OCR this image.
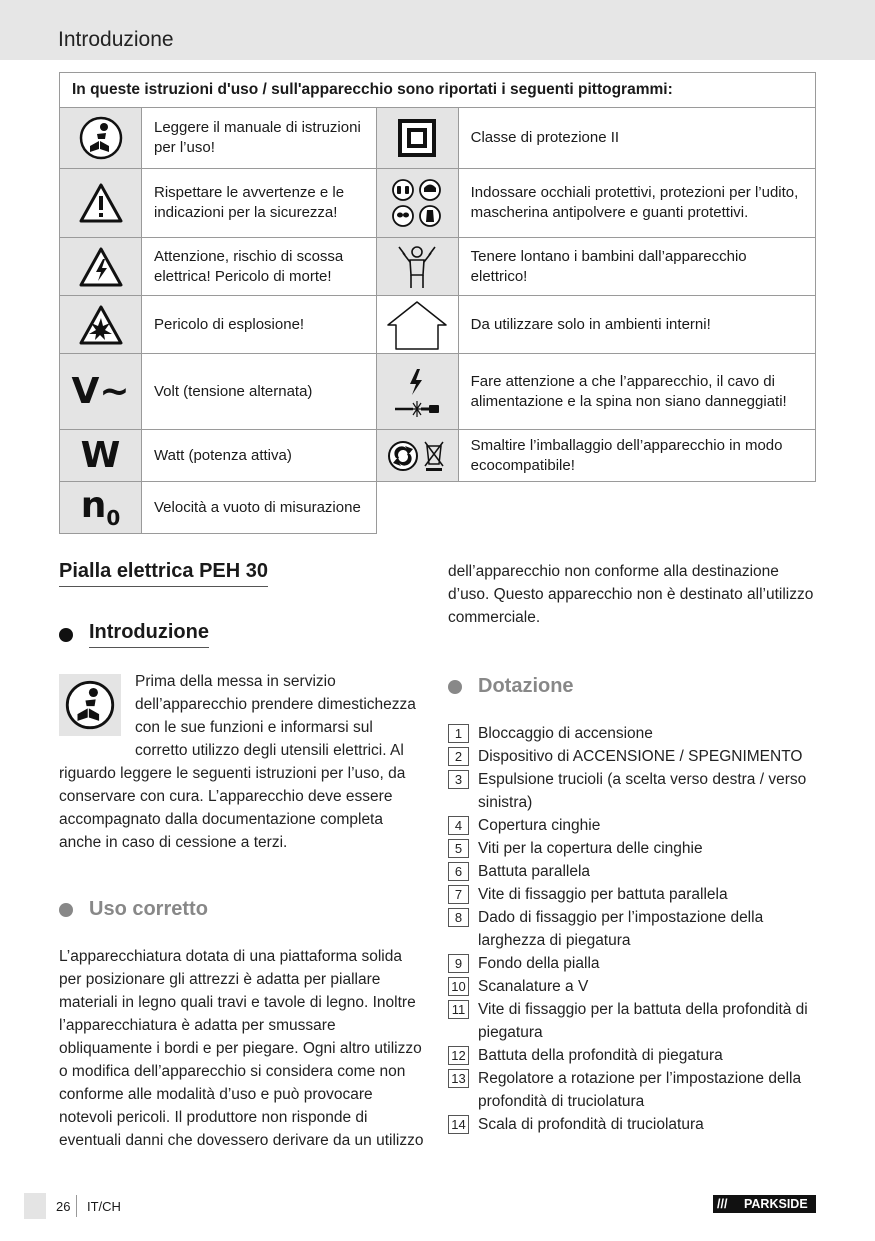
Introduzione
In queste istruzioni d'uso / sull'apparecchio sono riportati i seguenti pittogrammi:			

	Leggere il manuale di istruzioni per l’uso!		Classe di protezione II

	Rispettare le avvertenze e le indicazioni per la sicurezza!		Indossare occhiali protettivi, protezioni per l’udito, mascherina antipolvere e guanti protettivi.

	Attenzione, rischio di scossa elettrica! Pericolo di morte!		Tenere lontano i bambini dall’apparecchio elettrico!

	Pericolo di esplosione!		Da utilizzare solo in ambienti interni!
V~	Volt (tensione alternata)		Fare attenzione a che l’apparecchio, il cavo di alimentazione e la spina non siano danneggiati!
W	Watt (potenza attiva)		Smaltire l’imballaggio dell’apparecchio in modo ecocompatibile!
$n_0$	Velocità a vuoto di misurazione		
Pialla elettrica PEH 30
Introduzione
Prima della messa in servizio dell’apparecchio prendere dimestichezza con le sue funzioni e informarsi sul corretto utilizzo degli utensili elettrici. Al riguardo leggere le seguenti istruzioni per l’uso, da conservare con cura. L’apparecchio deve essere accompagnato dalla documentazione completa anche in caso di cessione a terzi.
Uso corretto
L’apparecchiatura dotata di una piattaforma solida per posizionare gli attrezzi è adatta per piallare materiali in legno quali travi e tavole di legno. Inoltre l’apparecchiatura è adatta per smussare obliquamente i bordi e per piegare. Ogni altro utilizzo o modifica dell’apparecchio si considera come non conforme alle modalità d’uso e può provocare notevoli pericoli. Il produttore non risponde di eventuali danni che dovessero derivare da un utilizzo
dell’apparecchio non conforme alla destinazione d’uso. Questo apparecchio non è destinato all’utilizzo commerciale.
Dotazione
1	Bloccaggio di accensione
2	Dispositivo di ACCENSIONE / SPEGNIMENTO
3	Espulsione trucioli (a scelta verso destra / verso sinistra)
4	Copertura cinghie
5	Viti per la copertura delle cinghie
6	Battuta parallela
7	Vite di fissaggio per battuta parallela
8	Dado di fissaggio per l’impostazione della larghezza di piegatura
9	Fondo della pialla
10 Scanalature a V
11 Vite di fissaggio per la battuta della profondità di piegatura
12 Battuta della profondità di piegatura
13 Regolatore a rotazione per l’impostazione della profondità di truciolatura
14 Scala di profondità di truciolatura
26 IT/CH	/// PARKSIDE
